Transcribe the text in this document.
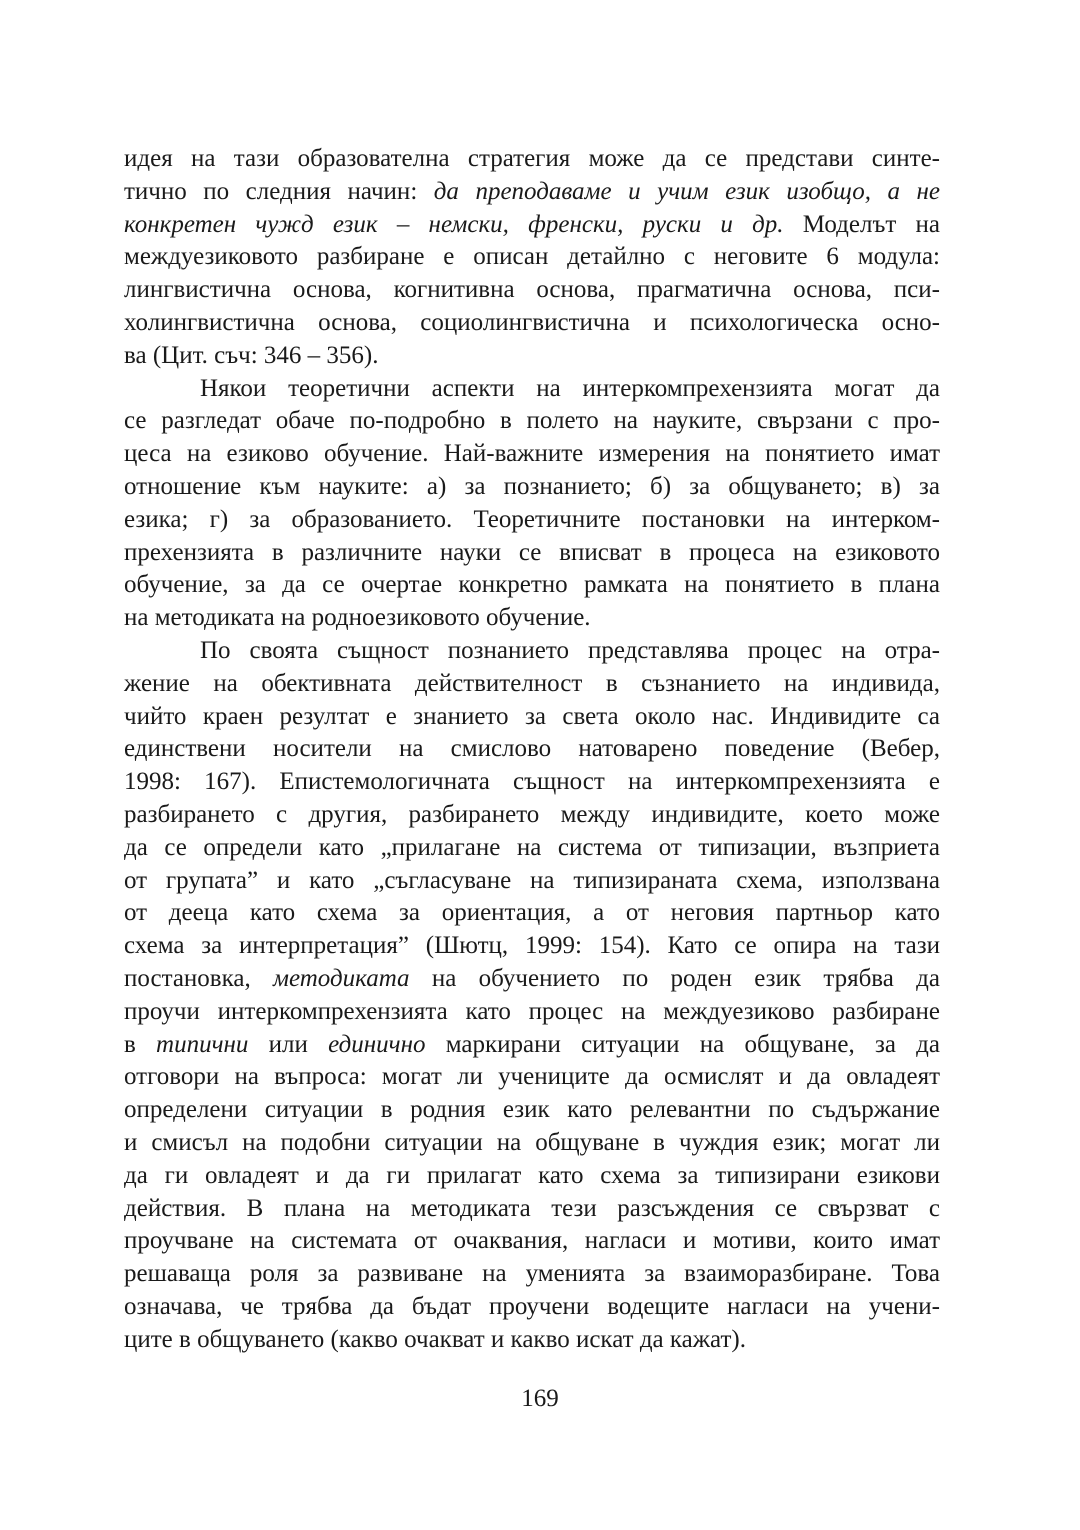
идея на тази образователна стратегия може да се представи синте-
тично по следния начин: да преподаваме и учим език изобщо, а не
конкретен чужд език – немски, френски, руски и др. Моделът на
междуезиковото разбиране е описан детайлно с неговите 6 модула:
лингвистична основа, когнитивна основа, прагматична основа, пси-
холингвистична основа, социолингвистична и психологическа осно-
ва (Цит. съч: 346 – 356).
Някои теоретични аспекти на интеркомпрехензията могат да
се разгледат обаче по-подробно в полето на науките, свързани с про-
цеса на езиково обучение. Най-важните измерения на понятието имат
отношение към науките: а) за познанието; б) за общуването; в) за
езика; г) за образованието. Теоретичните постановки на интерком-
прехензията в различните науки се вписват в процеса на езиковото
обучение, за да се очертае конкретно рамката на понятието в плана
на методиката на родноезиковото обучение.
По своята същност познанието представлява процес на отра-
жение на обективната действителност в съзнанието на индивида,
чийто краен резултат е знанието за света около нас. Индивидите са
единствени носители на смислово натоварено поведение (Вебер,
1998: 167). Епистемологичната същност на интеркомпрехензията е
разбирането с другия, разбирането между индивидите, което може
да се определи като „прилагане на система от типизации, възприета
от групата” и като „съгласуване на типизираната схема, използвана
от дееца като схема за ориентация, а от неговия партньор като
схема за интерпретация” (Шютц, 1999: 154). Като се опира на тази
постановка, методиката на обучението по роден език трябва да
проучи интеркомпрехензията като процес на междуезиково разбиране
в типични или единично маркирани ситуации на общуване, за да
отговори на въпроса: могат ли учениците да осмислят и да овладеят
определени ситуации в родния език като релевантни по съдържание
и смисъл на подобни ситуации на общуване в чуждия език; могат ли
да ги овладеят и да ги прилагат като схема за типизирани езикови
действия. В плана на методиката тези разсъждения се свързват с
проучване на системата от очаквания, нагласи и мотиви, които имат
решаваща роля за развиване на уменията за взаиморазбиране. Това
означава, че трябва да бъдат проучени водещите нагласи на учени-
ците в общуването (какво очакват и какво искат да кажат).
169
